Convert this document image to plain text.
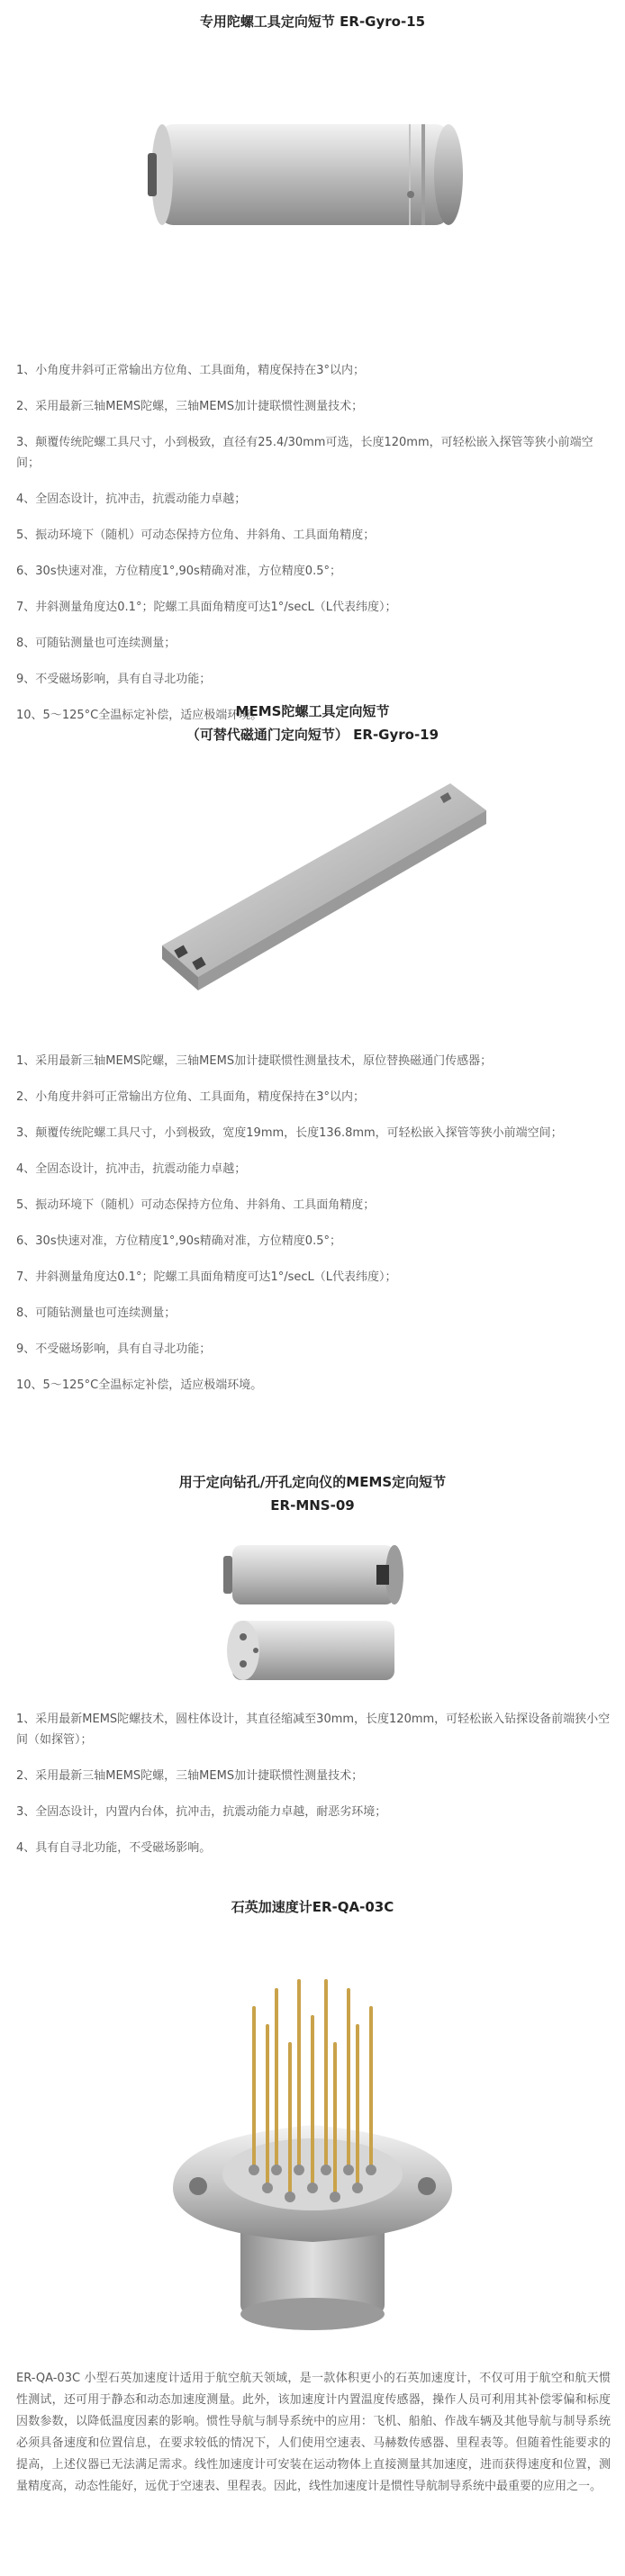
专用陀螺工具定向短节 ER-Gyro-15
1、小角度井斜可正常输出方位角、工具面角，精度保持在3°以内；
2、采用最新三轴MEMS陀螺，三轴MEMS加计捷联惯性测量技术；
3、颠覆传统陀螺工具尺寸，小到极致，直径有25.4/30mm可选，长度120mm，可轻松嵌入探管等狭小前端空间；
4、全固态设计，抗冲击，抗震动能力卓越；
5、振动环境下（随机）可动态保持方位角、井斜角、工具面角精度；
6、30s快速对准，方位精度1°,90s精确对准，方位精度0.5°；
7、井斜测量角度达0.1°；陀螺工具面角精度可达1°/secL（L代表纬度）；
8、可随钻测量也可连续测量；
9、不受磁场影响，具有自寻北功能；
10、5～125°C全温标定补偿，适应极端环境。
MEMS陀螺工具定向短节
（可替代磁通门定向短节） ER-Gyro-19
1、采用最新三轴MEMS陀螺，三轴MEMS加计捷联惯性测量技术，原位替换磁通门传感器；
2、小角度井斜可正常输出方位角、工具面角，精度保持在3°以内；
3、颠覆传统陀螺工具尺寸，小到极致，宽度19mm，长度136.8mm，可轻松嵌入探管等狭小前端空间；
4、全固态设计，抗冲击，抗震动能力卓越；
5、振动环境下（随机）可动态保持方位角、井斜角、工具面角精度；
6、30s快速对准，方位精度1°,90s精确对准，方位精度0.5°；
7、井斜测量角度达0.1°；陀螺工具面角精度可达1°/secL（L代表纬度）；
8、可随钻测量也可连续测量；
9、不受磁场影响，具有自寻北功能；
10、5～125°C全温标定补偿，适应极端环境。
用于定向钻孔/开孔定向仪的MEMS定向短节
ER-MNS-09
1、采用最新MEMS陀螺技术，圆柱体设计，其直径缩减至30mm，长度120mm，可轻松嵌入钻探设备前端狭小空间（如探管）；
2、采用最新三轴MEMS陀螺，三轴MEMS加计捷联惯性测量技术；
3、全固态设计，内置内台体，抗冲击，抗震动能力卓越，耐恶劣环境；
4、具有自寻北功能，不受磁场影响。
石英加速度计ER-QA-03C

ER-QA-03C 小型石英加速度计适用于航空航天领域，是一款体积更小的石英加速度计，不仅可用于航空和航天惯性测试，还可用于静态和动态加速度测量。此外，该加速度计内置温度传感器，操作人员可利用其补偿零偏和标度因数参数，以降低温度因素的影响。惯性导航与制导系统中的应用：飞机、船舶、作战车辆及其他导航与制导系统必须具备速度和位置信息，在要求较低的情况下，人们使用空速表、马赫数传感器、里程表等。但随着性能要求的提高，上述仪器已无法满足需求。线性加速度计可安装在运动物体上直接测量其加速度，进而获得速度和位置，测量精度高，动态性能好，远优于空速表、里程表。因此，线性加速度计是惯性导航制导系统中最重要的应用之一。
